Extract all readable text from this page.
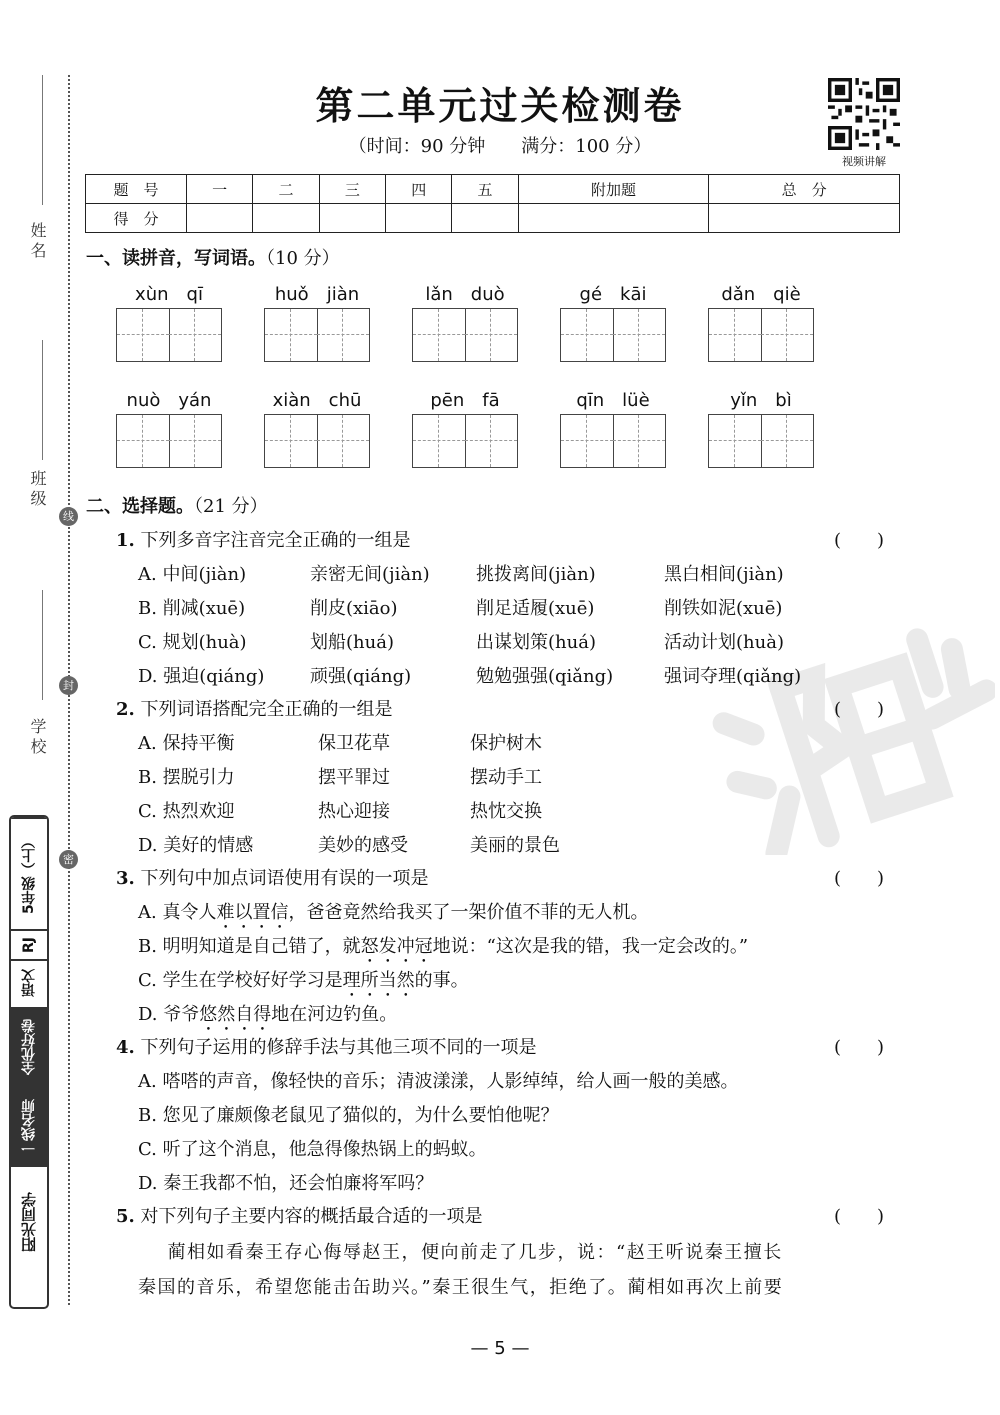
姓名
班级
学校
线
封
密
5年级（上）
RJ
语文
全优好卷
一线名师
阳光同学
第二单元过关检测卷
（时间：90 分钟　　满分：100 分）
视频讲解
题　号	一	二	三	四	五	附加题	总　分
得　分							
一、读拼音，写词语。（10 分）
xùn　qī	huǒ　jiàn	lǎn　duò	gé　kāi	dǎn　qiè
nuò　yán	xiàn　chū	pēn　fā	qīn　lüè	yǐn　bì
二、选择题。（21 分）
1. 下列多音字注音完全正确的一组是	(　　)
A. 中间(jiàn)	亲密无间(jiàn)	挑拨离间(jiàn)	黑白相间(jiàn)
B. 削减(xuē)	削皮(xiāo)	削足适履(xuē)	削铁如泥(xuē)
C. 规划(huà)	划船(huá)	出谋划策(huá)	活动计划(huà)
D. 强迫(qiáng)	顽强(qiáng)	勉勉强强(qiǎng)	强词夺理(qiǎng)
2. 下列词语搭配完全正确的一组是	(　　)
A. 保持平衡	保卫花草	保护树木
B. 摆脱引力	摆平罪过	摆动手工
C. 热烈欢迎	热心迎接	热忱交换
D. 美好的情感	美妙的感受	美丽的景色
3. 下列句中加点词语使用有误的一项是	(　　)
A. 真令人难以置信，爸爸竟然给我买了一架价值不菲的无人机。
B. 明明知道是自己错了，就怒发冲冠地说：“这次是我的错，我一定会改的。”
C. 学生在学校好好学习是理所当然的事。
D. 爷爷悠然自得地在河边钓鱼。
4. 下列句子运用的修辞手法与其他三项不同的一项是	(　　)
A. 嗒嗒的声音，像轻快的音乐；清波漾漾，人影绰绰，给人画一般的美感。
B. 您见了廉颇像老鼠见了猫似的，为什么要怕他呢？
C. 听了这个消息，他急得像热锅上的蚂蚁。
D. 秦王我都不怕，还会怕廉将军吗？
5. 对下列句子主要内容的概括最合适的一项是	(　　)
　蔺相如看秦王存心侮辱赵王，便向前走了几步，说：“赵王听说秦王擅长
秦国的音乐，希望您能击缶助兴。”秦王很生气，拒绝了。蔺相如再次上前要
— 5 —
